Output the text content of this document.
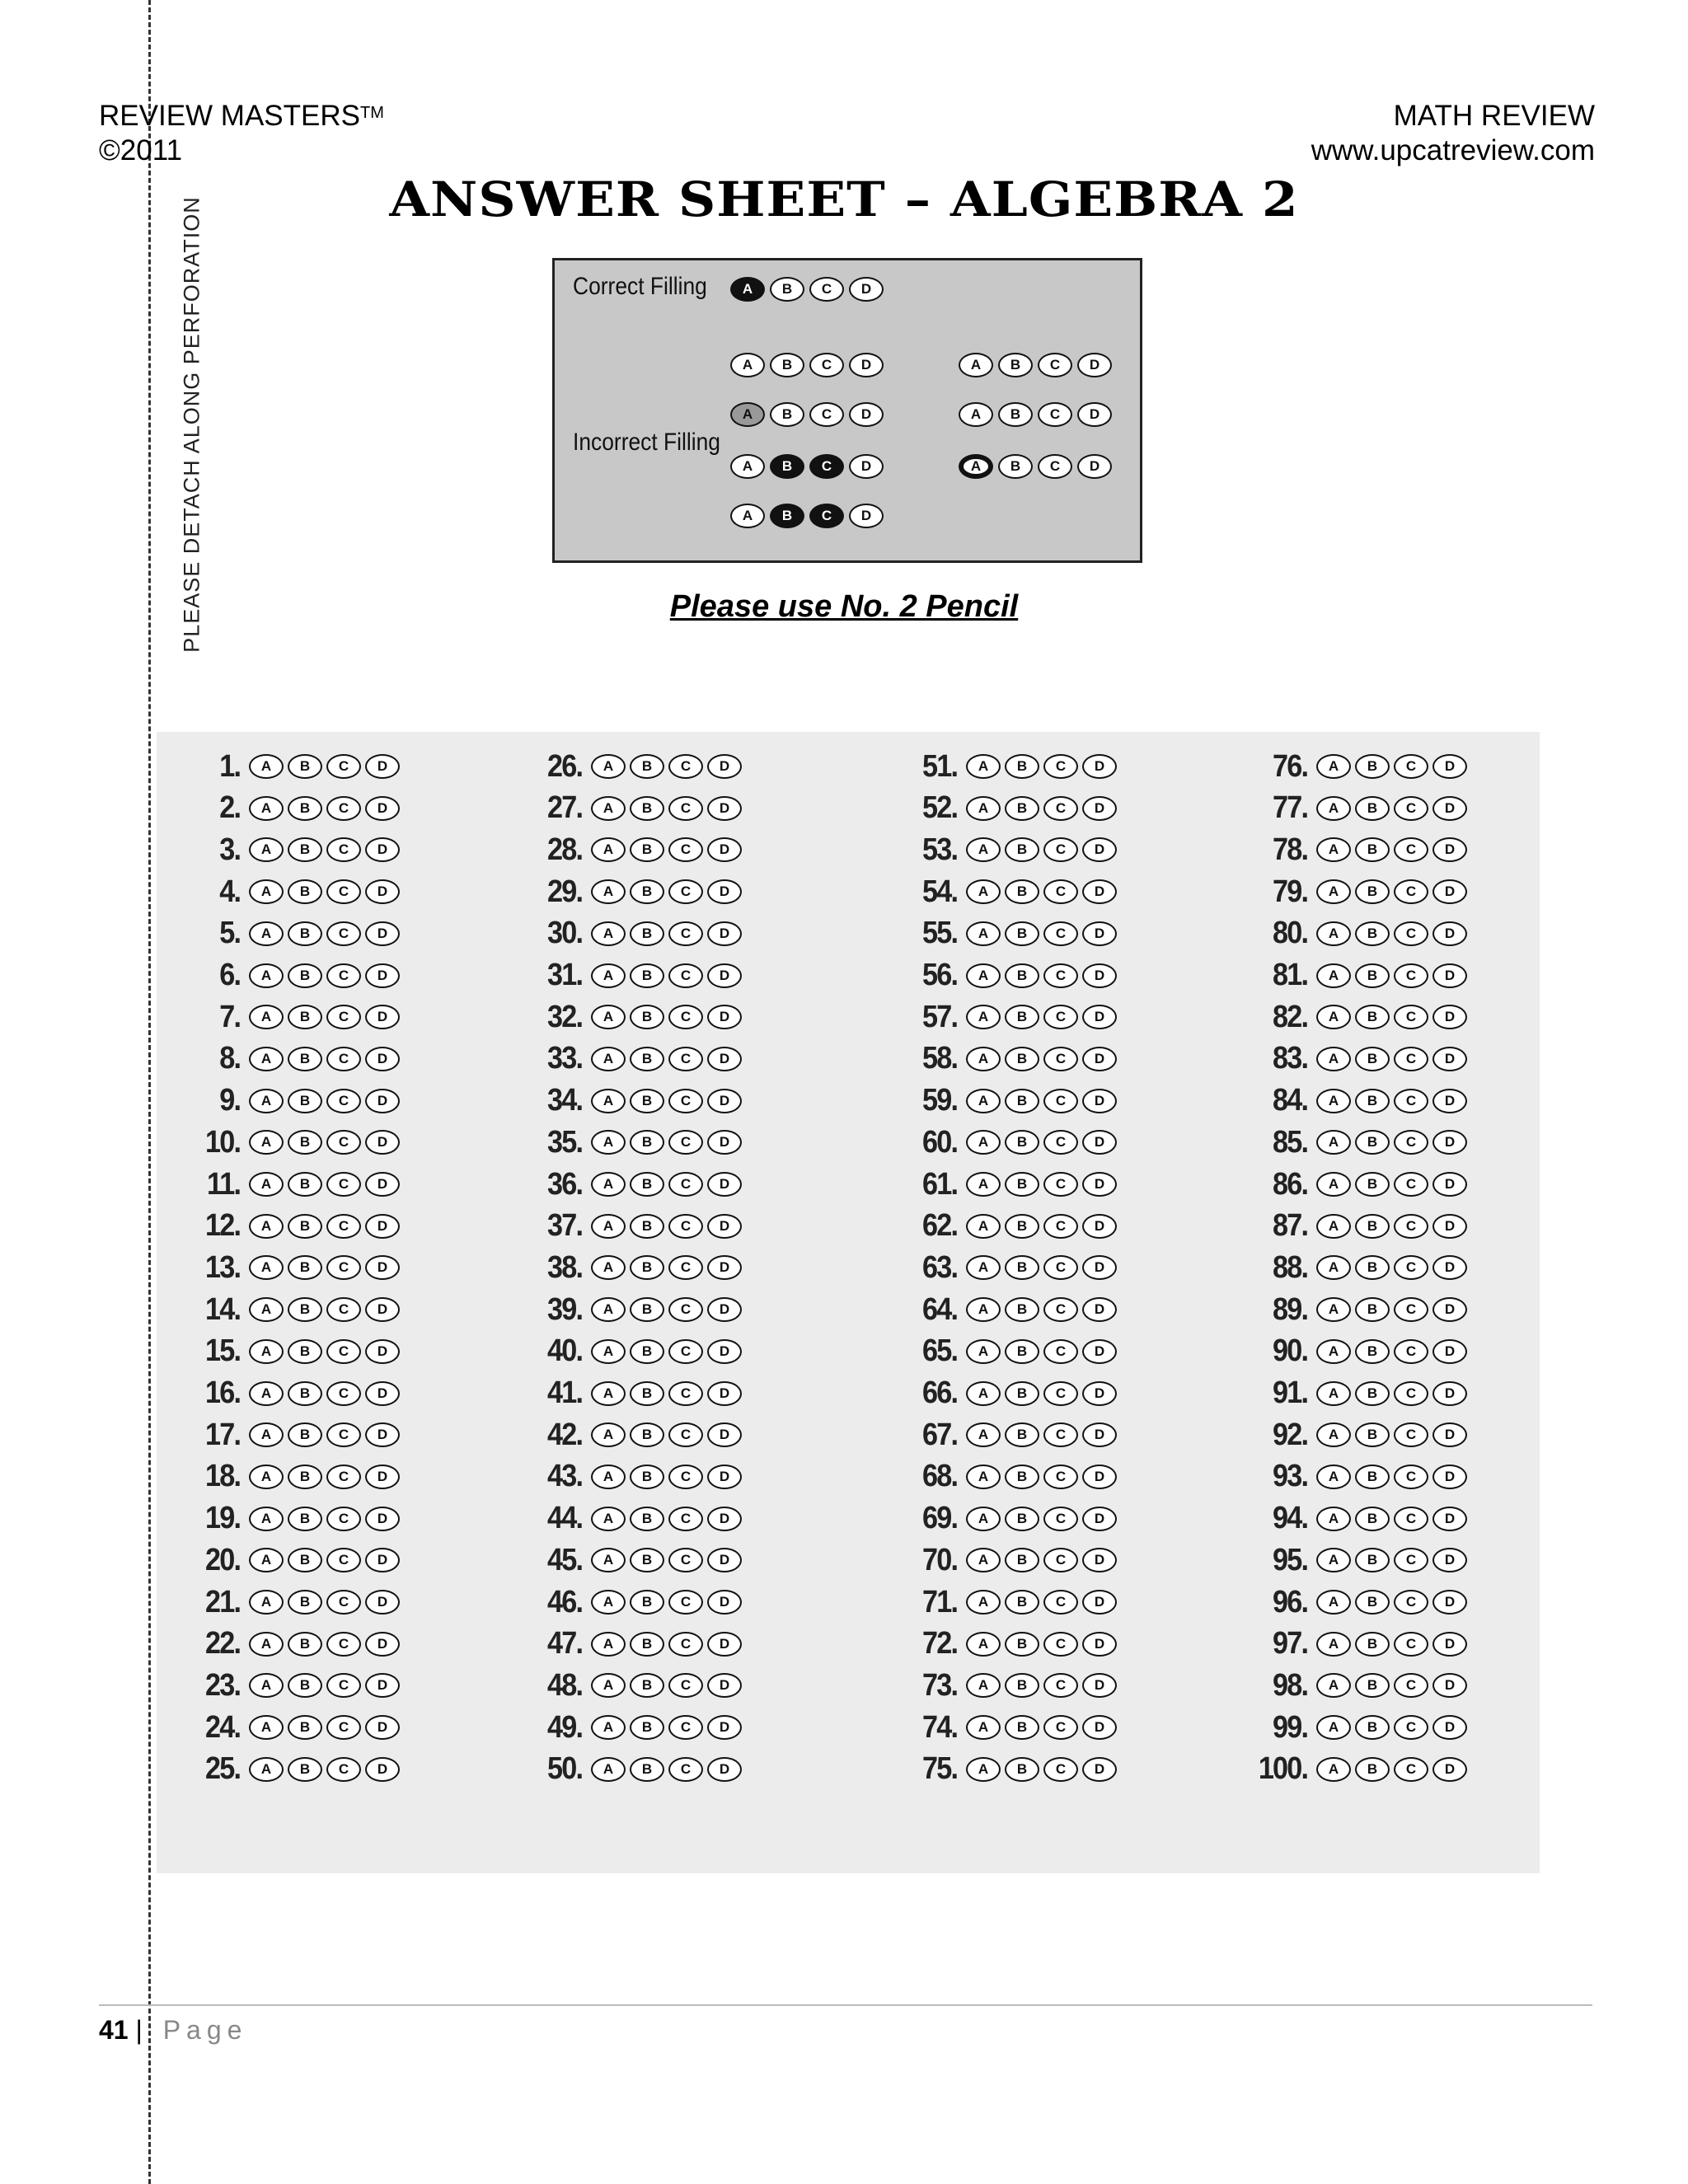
PLEASE DETACH ALONG PERFORATION
REVIEW MASTERS™
©2011
MATH REVIEW
www.upcatreview.com
ANSWER SHEET – ALGEBRA 2
Correct Filling
Incorrect Filling
A	B	C	D
A	B	C	D
A	B	C	D
A	B	C	D
A	B	C	D
A	B	C	D
A	B	C	D
A	B	C	D
Please use No. 2 Pencil
1.	A	B	C	D
2.	A	B	C	D
3.	A	B	C	D
4.	A	B	C	D
5.	A	B	C	D
6.	A	B	C	D
7.	A	B	C	D
8.	A	B	C	D
9.	A	B	C	D
10.	A	B	C	D
11.	A	B	C	D
12.	A	B	C	D
13.	A	B	C	D
14.	A	B	C	D
15.	A	B	C	D
16.	A	B	C	D
17.	A	B	C	D
18.	A	B	C	D
19.	A	B	C	D
20.	A	B	C	D
21.	A	B	C	D
22.	A	B	C	D
23.	A	B	C	D
24.	A	B	C	D
25.	A	B	C	D
26.	A	B	C	D
27.	A	B	C	D
28.	A	B	C	D
29.	A	B	C	D
30.	A	B	C	D
31.	A	B	C	D
32.	A	B	C	D
33.	A	B	C	D
34.	A	B	C	D
35.	A	B	C	D
36.	A	B	C	D
37.	A	B	C	D
38.	A	B	C	D
39.	A	B	C	D
40.	A	B	C	D
41.	A	B	C	D
42.	A	B	C	D
43.	A	B	C	D
44.	A	B	C	D
45.	A	B	C	D
46.	A	B	C	D
47.	A	B	C	D
48.	A	B	C	D
49.	A	B	C	D
50.	A	B	C	D
51.	A	B	C	D
52.	A	B	C	D
53.	A	B	C	D
54.	A	B	C	D
55.	A	B	C	D
56.	A	B	C	D
57.	A	B	C	D
58.	A	B	C	D
59.	A	B	C	D
60.	A	B	C	D
61.	A	B	C	D
62.	A	B	C	D
63.	A	B	C	D
64.	A	B	C	D
65.	A	B	C	D
66.	A	B	C	D
67.	A	B	C	D
68.	A	B	C	D
69.	A	B	C	D
70.	A	B	C	D
71.	A	B	C	D
72.	A	B	C	D
73.	A	B	C	D
74.	A	B	C	D
75.	A	B	C	D
76.	A	B	C	D
77.	A	B	C	D
78.	A	B	C	D
79.	A	B	C	D
80.	A	B	C	D
81.	A	B	C	D
82.	A	B	C	D
83.	A	B	C	D
84.	A	B	C	D
85.	A	B	C	D
86.	A	B	C	D
87.	A	B	C	D
88.	A	B	C	D
89.	A	B	C	D
90.	A	B	C	D
91.	A	B	C	D
92.	A	B	C	D
93.	A	B	C	D
94.	A	B	C	D
95.	A	B	C	D
96.	A	B	C	D
97.	A	B	C	D
98.	A	B	C	D
99.	A	B	C	D
100.	A	B	C	D
41 | Page
